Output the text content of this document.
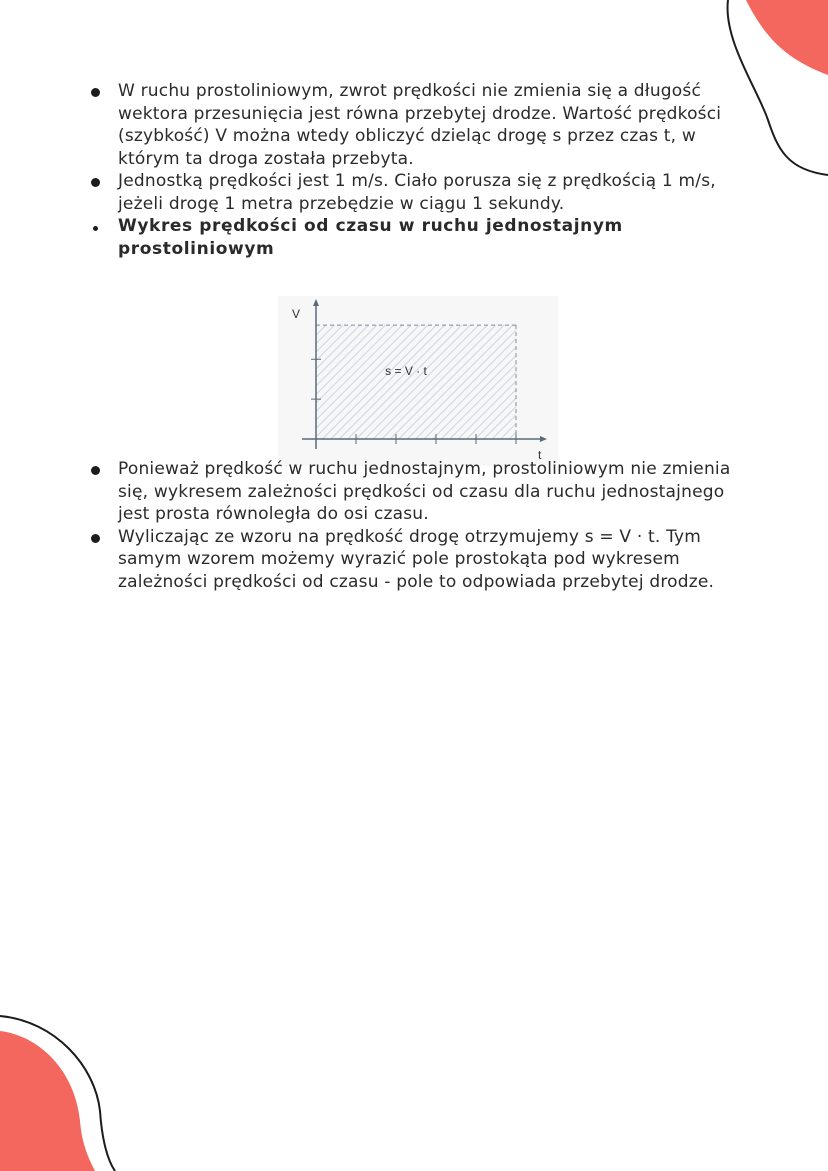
W ruchu prostoliniowym, zwrot prędkości nie zmienia się a długość wektora przesunięcia jest równa przebytej drodze. Wartość prędkości (szybkość) V można wtedy obliczyć dzieląc drogę s przez czas t, w którym ta droga została przebyta.
Jednostką prędkości jest 1 m/s. Ciało porusza się z prędkością 1 m/s, jeżeli drogę 1 metra przebędzie w ciągu 1 sekundy.
Wykres prędkości od czasu w ruchu jednostajnym prostoliniowym
V
t
s = V · t
Ponieważ prędkość w ruchu jednostajnym, prostoliniowym nie zmienia się, wykresem zależności prędkości od czasu dla ruchu jednostajnego jest prosta równoległa do osi czasu.
Wyliczając ze wzoru na prędkość drogę otrzymujemy s = V · t. Tym samym wzorem możemy wyrazić pole prostokąta pod wykresem zależności prędkości od czasu - pole to odpowiada przebytej drodze.
